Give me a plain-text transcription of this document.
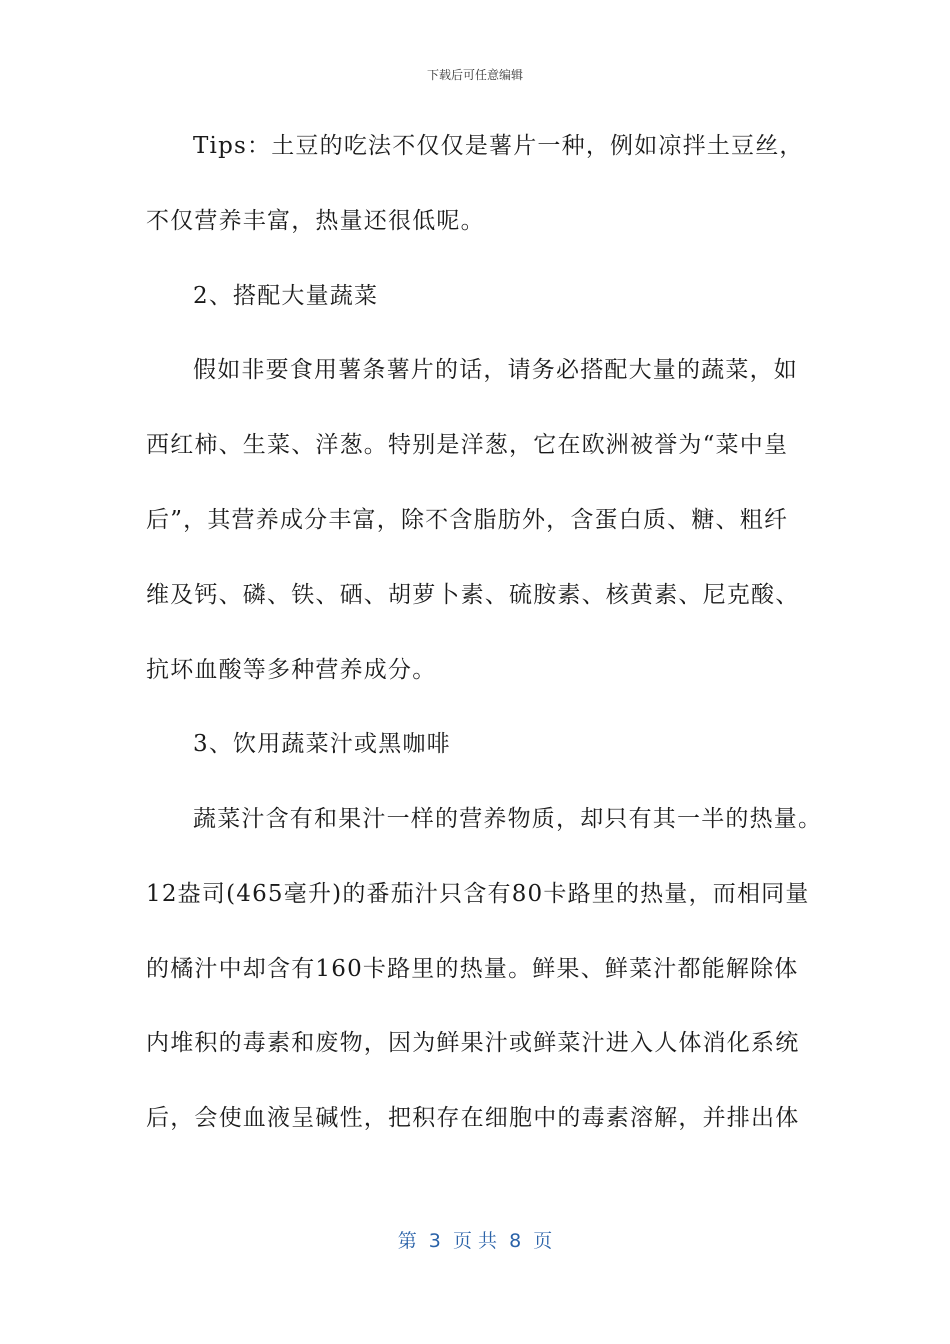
下载后可任意编辑
Tips：土豆的吃法不仅仅是薯片一种，例如凉拌土豆丝，
不仅营养丰富，热量还很低呢。
2、搭配大量蔬菜
假如非要食用薯条薯片的话，请务必搭配大量的蔬菜，如
西红柿、生菜、洋葱。特别是洋葱，它在欧洲被誉为“菜中皇
后”，其营养成分丰富，除不含脂肪外，含蛋白质、糖、粗纤
维及钙、磷、铁、硒、胡萝卜素、硫胺素、核黄素、尼克酸、
抗坏血酸等多种营养成分。
3、饮用蔬菜汁或黑咖啡
蔬菜汁含有和果汁一样的营养物质，却只有其一半的热量。
12盎司(465毫升)的番茄汁只含有80卡路里的热量，而相同量
的橘汁中却含有160卡路里的热量。鲜果、鲜菜汁都能解除体
内堆积的毒素和废物，因为鲜果汁或鲜菜汁进入人体消化系统
后，会使血液呈碱性，把积存在细胞中的毒素溶解，并排出体
第  3  页 共  8  页
